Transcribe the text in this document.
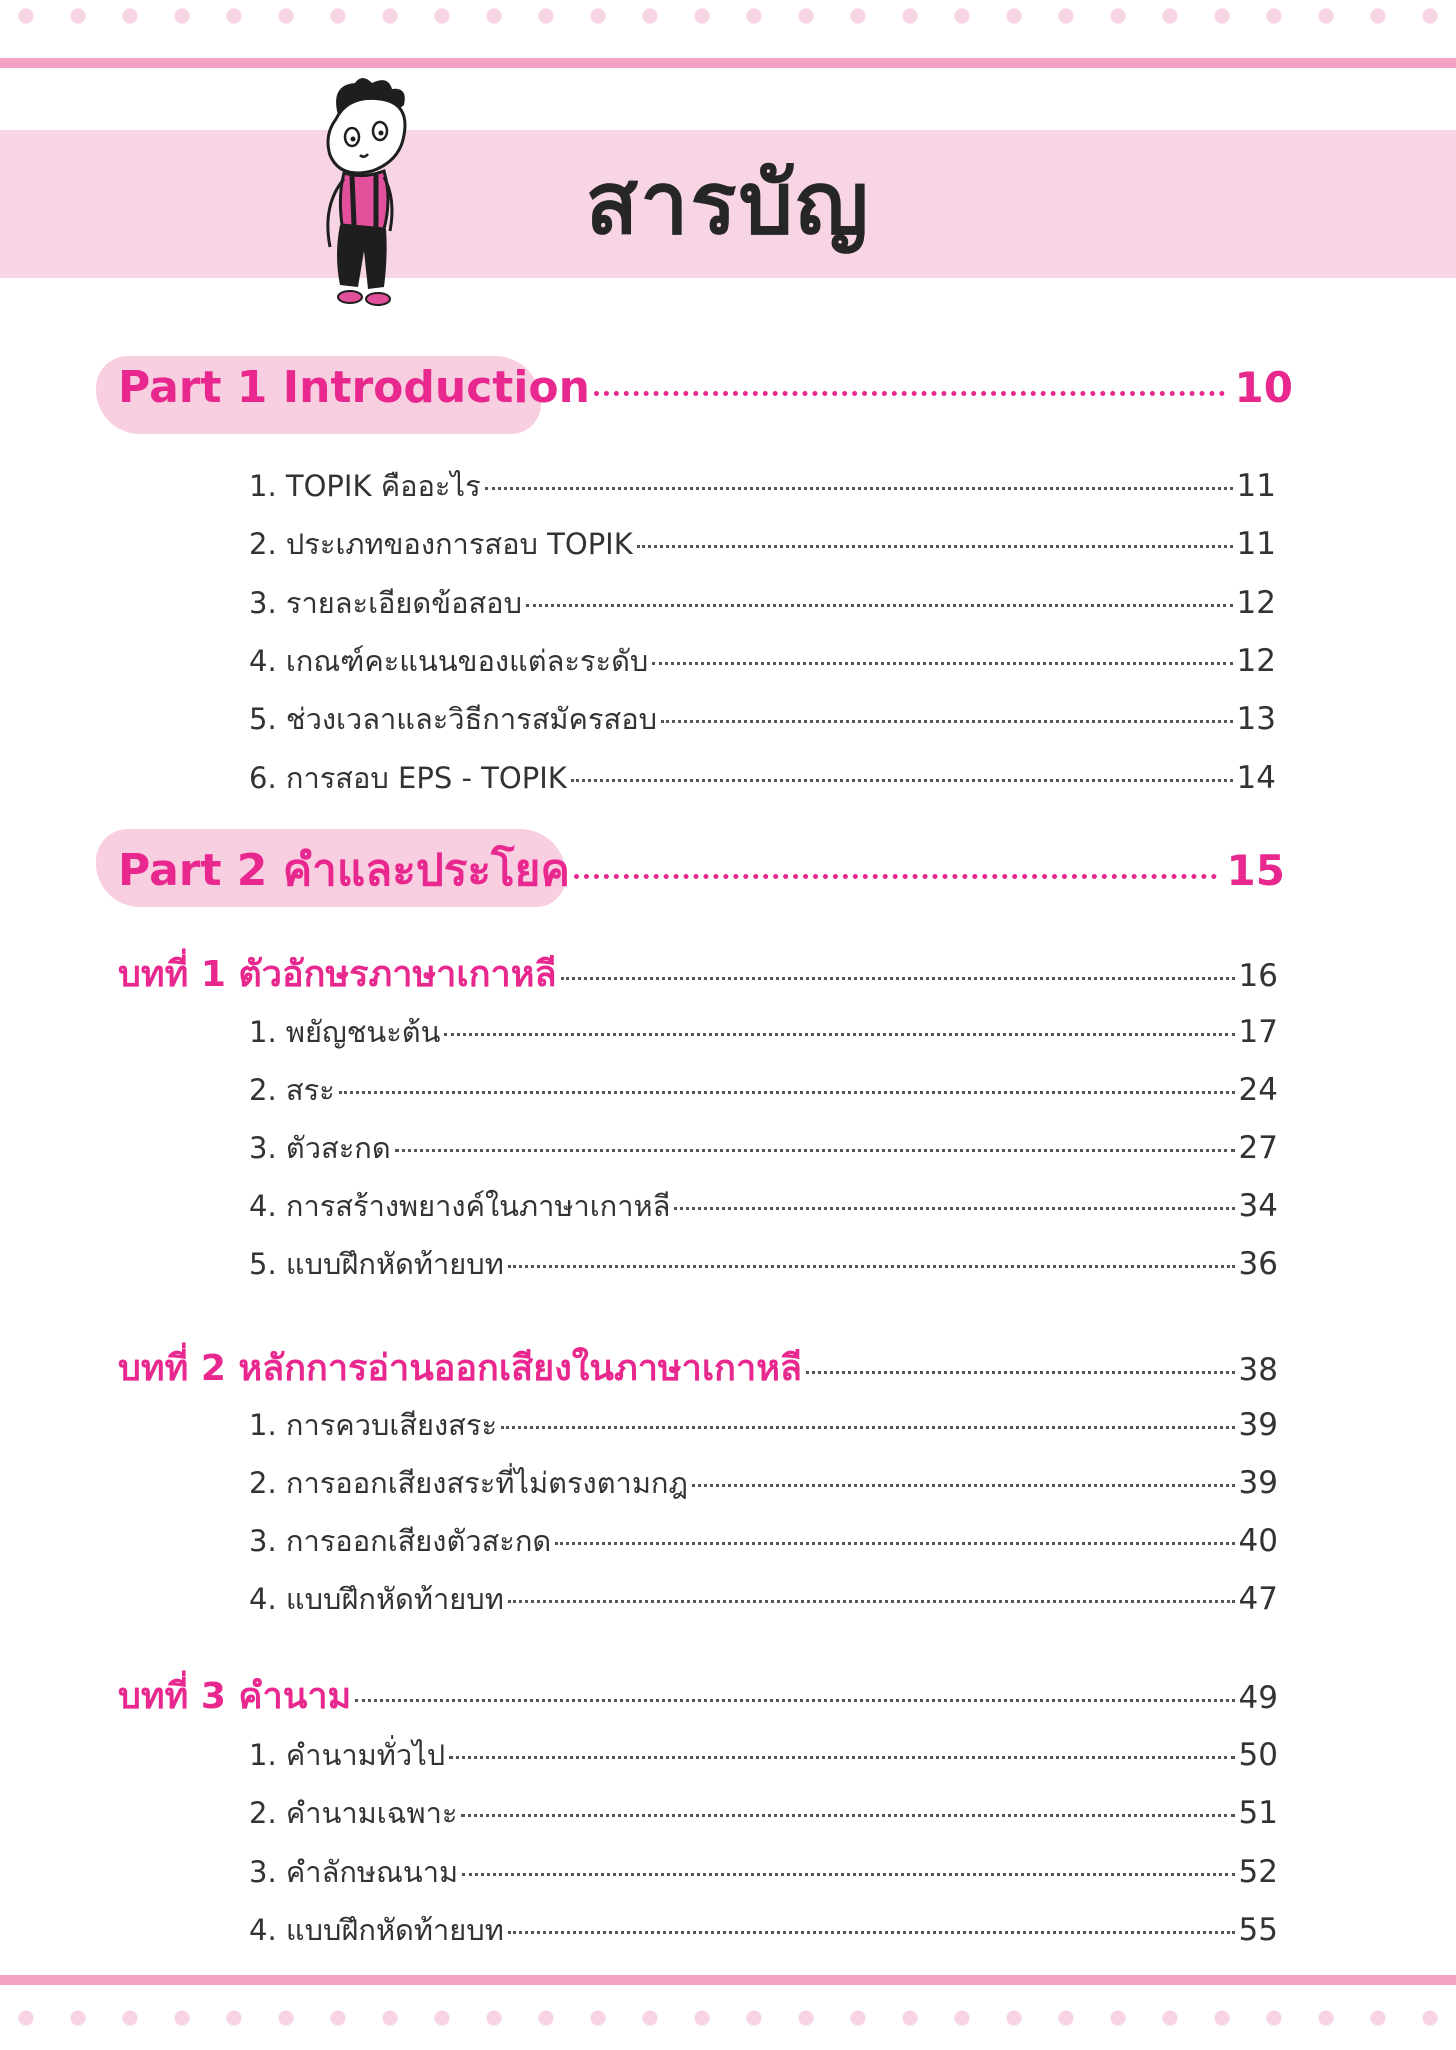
สารบัญ
Part 1 Introduction	10
1. TOPIK คืออะไร	11
2. ประเภทของการสอบ TOPIK	11
3. รายละเอียดข้อสอบ	12
4. เกณฑ์คะแนนของแต่ละระดับ	12
5. ช่วงเวลาและวิธีการสมัครสอบ	13
6. การสอบ EPS - TOPIK	14
Part 2 คำและประโยค	15
บทที่ 1 ตัวอักษรภาษาเกาหลี	16
1. พยัญชนะต้น	17
2. สระ	24
3. ตัวสะกด	27
4. การสร้างพยางค์ในภาษาเกาหลี	34
5. แบบฝึกหัดท้ายบท	36
บทที่ 2 หลักการอ่านออกเสียงในภาษาเกาหลี	38
1. การควบเสียงสระ	39
2. การออกเสียงสระที่ไม่ตรงตามกฎ	39
3. การออกเสียงตัวสะกด	40
4. แบบฝึกหัดท้ายบท	47
บทที่ 3 คำนาม	49
1. คำนามทั่วไป	50
2. คำนามเฉพาะ	51
3. คำลักษณนาม	52
4. แบบฝึกหัดท้ายบท	55
